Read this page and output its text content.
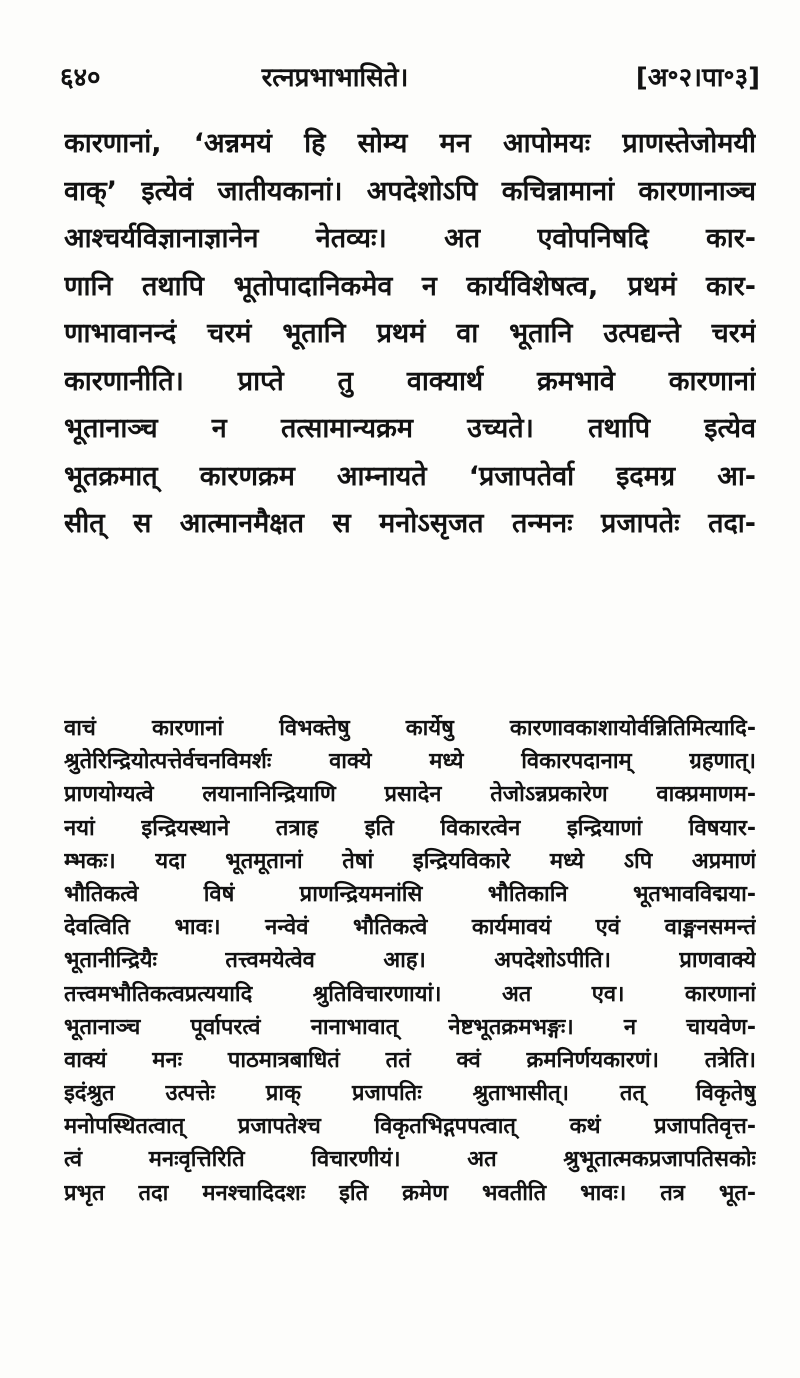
६४०	रत्नप्रभाभासिते।	[अ॰२।पा॰३]
कारणानां, ‘अन्नमयं हि सोम्य मन आपोमयः प्राणस्तेजोमयी
वाक्’ इत्येवं जातीयकानां। अपदेशोऽपि कचिन्नामानां कारणानाञ्च
आश्चर्यविज्ञानाज्ञानेन नेतव्यः। अत एवोपनिषदि कार-
णानि तथापि भूतोपादानिकमेव न कार्यविशेषत्व, प्रथमं कार-
णाभावानन्दं चरमं भूतानि प्रथमं वा भूतानि उत्पद्यन्ते चरमं
कारणानीति। प्राप्ते तु वाक्यार्थ क्रमभावे कारणानां
भूतानाञ्च न तत्सामान्यक्रम उच्यते। तथापि इत्येव
भूतक्रमात् कारणक्रम आम्नायते ‘प्रजापतेर्वा इदमग्र आ-
सीत् स आत्मानमैक्षत स मनोऽसृजत तन्मनः प्रजापतेः तदा-
वाचं कारणानां विभक्तेषु कार्येषु कारणावकाशायोर्वन्नितिमित्यादि-
श्रुतेरिन्द्रियोत्पत्तेर्वचनविमर्शः वाक्ये मध्ये विकारपदानाम् ग्रहणात्।
प्राणयोग्यत्वे लयानानिन्द्रियाणि प्रसादेन तेजोऽन्नप्रकारेण वाक्प्रमाणम-
नयां इन्द्रियस्थाने तत्राह इति विकारत्वेन इन्द्रियाणां विषयार-
म्भकः। यदा भूतमूतानां तेषां इन्द्रियविकारे मध्ये ऽपि अप्रमाणं
भौतिकत्वे विषं प्राणन्द्रियमनांसि भौतिकानि भूतभावविद्मया-
देवत्विति भावः। नन्वेवं भौतिकत्वे कार्यमावयं एवं वाङ्मनसमन्तं
भूतानीन्द्रियैः तत्त्वमयेत्वेव आह। अपदेशोऽपीति। प्राणवाक्ये
तत्त्वमभौतिकत्वप्रत्ययादि श्रुतिविचारणायां। अत एव। कारणानां
भूतानाञ्च पूर्वापरत्वं नानाभावात् नेष्टभूतक्रमभङ्गः। न चायवेण-
वाक्यं मनः पाठमात्रबाधितं ततं क्वं क्रमनिर्णयकारणं। तत्रेति।
इदंश्रुत उत्पत्तेः प्राक् प्रजापतिः श्रुताभासीत्। तत् विकृतेषु
मनोपस्थितत्वात् प्रजापतेश्च विकृतभिद्गपपत्वात् कथं प्रजापतिवृत्त-
त्वं मनःवृत्तिरिति विचारणीयं। अत श्रुभूतात्मकप्रजापतिसकोः
प्रभृत तदा मनश्चादिदशः इति क्रमेण भवतीति भावः। तत्र भूत-
